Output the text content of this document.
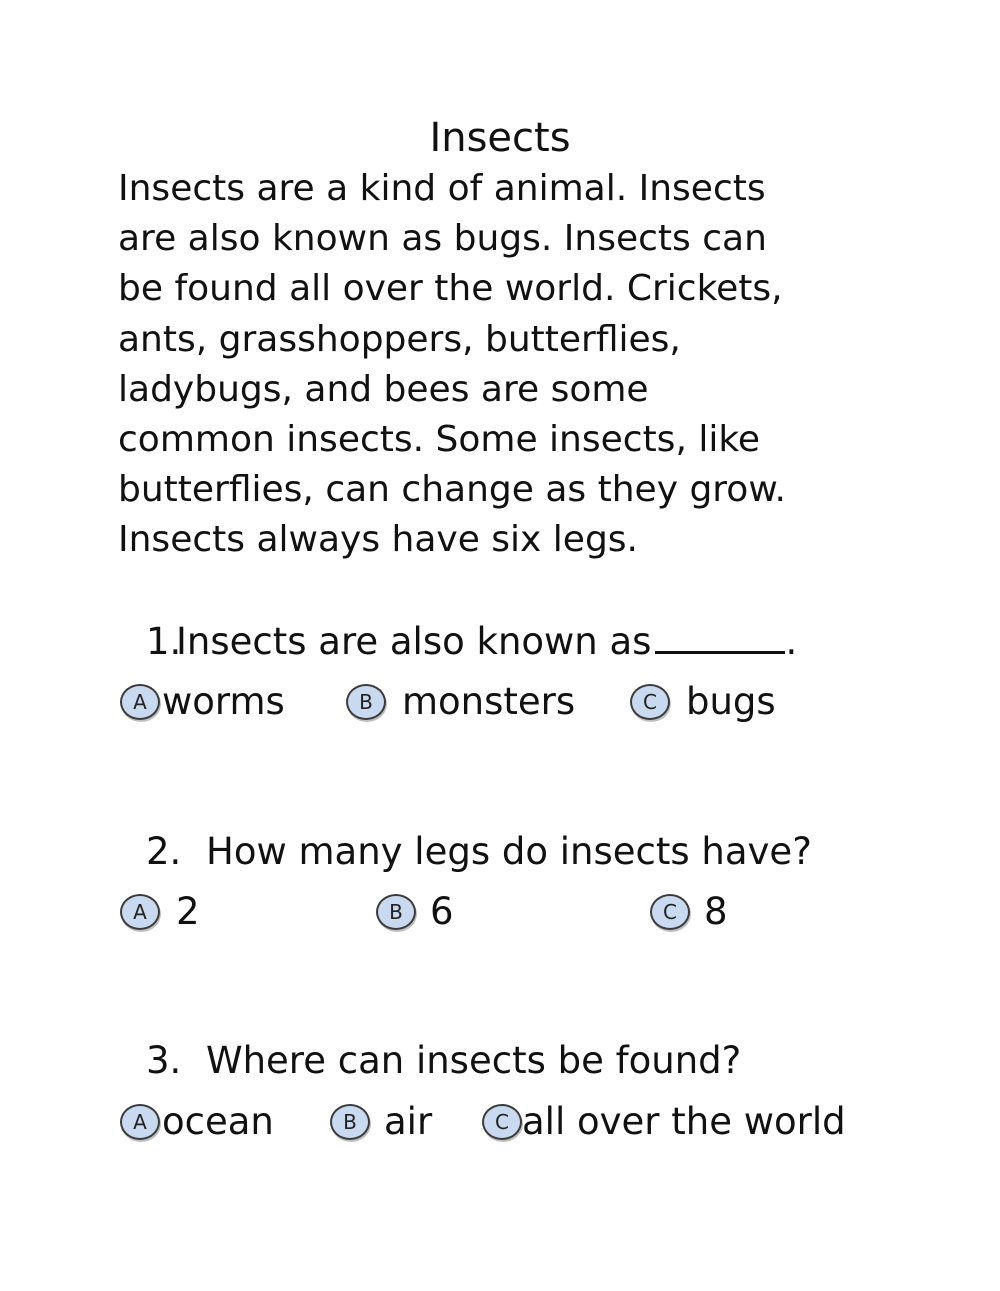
Insects
Insects are a kind of animal. Insects
are also known as bugs. Insects can
be found all over the world. Crickets,
ants, grasshoppers, butterflies,
ladybugs, and bees are some
common insects. Some insects, like
butterflies, can change as they grow.
Insects always have six legs.
1.Insects are also known as	.
A worms	B monsters	C bugs
2. How many legs do insects have?
A 2	B 6	C 8
3. Where can insects be found?
A ocean	B air	C all over the world
